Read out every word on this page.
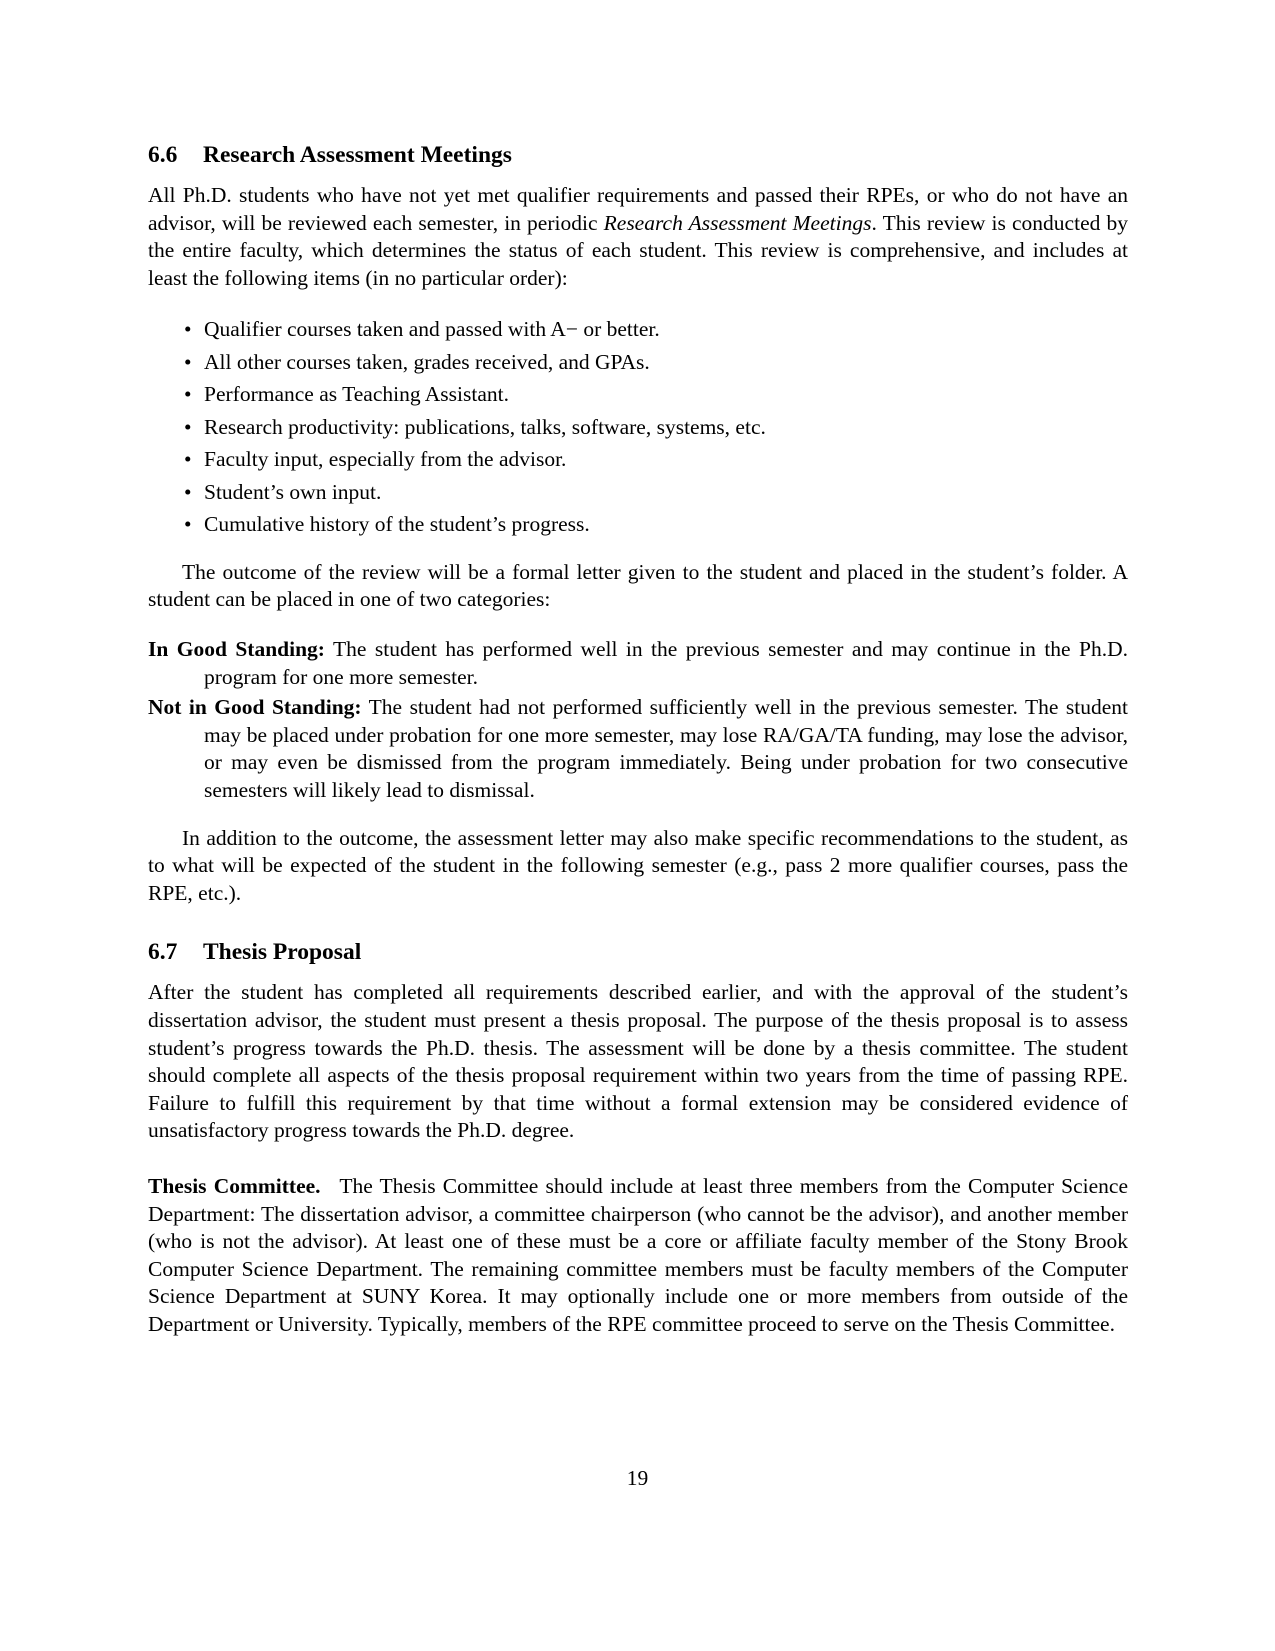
6.6 Research Assessment Meetings

All Ph.D. students who have not yet met qualifier requirements and passed their RPEs, or who do not have an advisor, will be reviewed each semester, in periodic Research Assessment Meetings. This review is conducted by the entire faculty, which determines the status of each student. This review is comprehensive, and includes at least the following items (in no particular order):

• Qualifier courses taken and passed with A− or better.
• All other courses taken, grades received, and GPAs.
• Performance as Teaching Assistant.
• Research productivity: publications, talks, software, systems, etc.
• Faculty input, especially from the advisor.
• Student’s own input.
• Cumulative history of the student’s progress.

The outcome of the review will be a formal letter given to the student and placed in the student’s folder. A student can be placed in one of two categories:

In Good Standing: The student has performed well in the previous semester and may continue in the Ph.D. program for one more semester.
Not in Good Standing: The student had not performed sufficiently well in the previous semester. The student may be placed under probation for one more semester, may lose RA/GA/TA funding, may lose the advisor, or may even be dismissed from the program immediately. Being under probation for two consecutive semesters will likely lead to dismissal.

In addition to the outcome, the assessment letter may also make specific recommendations to the student, as to what will be expected of the student in the following semester (e.g., pass 2 more qualifier courses, pass the RPE, etc.).

6.7 Thesis Proposal

After the student has completed all requirements described earlier, and with the approval of the student’s dissertation advisor, the student must present a thesis proposal. The purpose of the thesis proposal is to assess student’s progress towards the Ph.D. thesis. The assessment will be done by a thesis committee. The student should complete all aspects of the thesis proposal requirement within two years from the time of passing RPE. Failure to fulfill this requirement by that time without a formal extension may be considered evidence of unsatisfactory progress towards the Ph.D. degree.

Thesis Committee. The Thesis Committee should include at least three members from the Computer Science Department: The dissertation advisor, a committee chairperson (who cannot be the advisor), and another member (who is not the advisor). At least one of these must be a core or affiliate faculty member of the Stony Brook Computer Science Department. The remaining committee members must be faculty members of the Computer Science Department at SUNY Korea. It may optionally include one or more members from outside of the Department or University. Typically, members of the RPE committee proceed to serve on the Thesis Committee.

19
